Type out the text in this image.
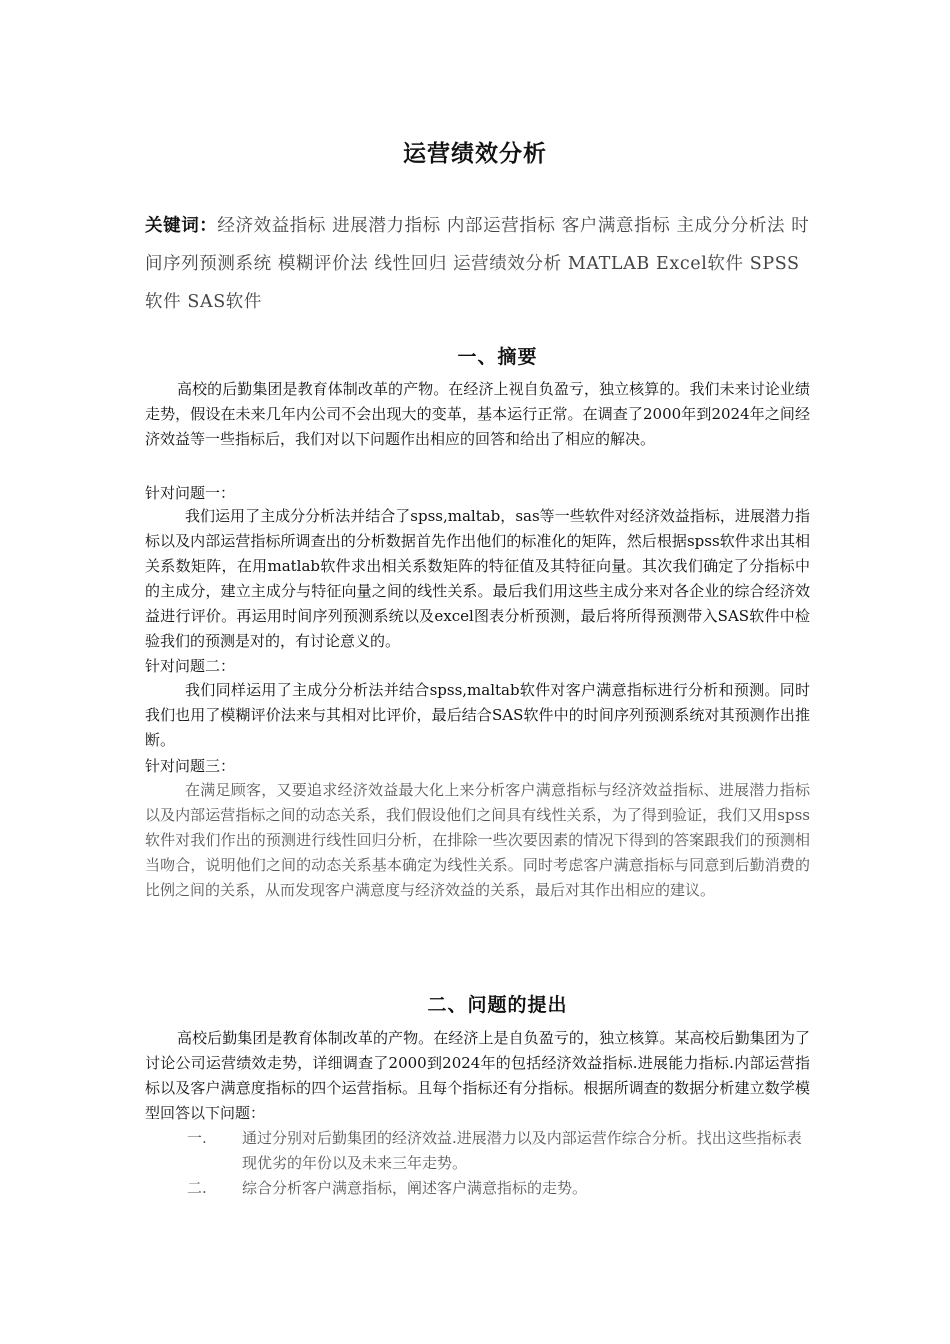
运营绩效分析
关键词：经济效益指标 进展潜力指标 内部运营指标 客户满意指标 主成分分析法 时间序列预测系统 模糊评价法 线性回归 运营绩效分析 MATLAB Excel软件 SPSS软件 SAS软件
一、摘要

高校的后勤集团是教育体制改革的产物。在经济上视自负盈亏，独立核算的。我们未来讨论业绩走势，假设在未来几年内公司不会出现大的变革，基本运行正常。在调查了2000年到2024年之间经济效益等一些指标后，我们对以下问题作出相应的回答和给出了相应的解决。

针对问题一：

我们运用了主成分分析法并结合了spss,maltab，sas等一些软件对经济效益指标，进展潜力指标以及内部运营指标所调查出的分析数据首先作出他们的标准化的矩阵，然后根据spss软件求出其相关系数矩阵，在用matlab软件求出相关系数矩阵的特征值及其特征向量。其次我们确定了分指标中的主成分，建立主成分与特征向量之间的线性关系。最后我们用这些主成分来对各企业的综合经济效益进行评价。再运用时间序列预测系统以及excel图表分析预测，最后将所得预测带入SAS软件中检验我们的预测是对的，有讨论意义的。

针对问题二：

我们同样运用了主成分分析法并结合spss,maltab软件对客户满意指标进行分析和预测。同时我们也用了模糊评价法来与其相对比评价，最后结合SAS软件中的时间序列预测系统对其预测作出推断。

针对问题三：

在满足顾客，又要追求经济效益最大化上来分析客户满意指标与经济效益指标、进展潜力指标以及内部运营指标之间的动态关系，我们假设他们之间具有线性关系，为了得到验证，我们又用spss软件对我们作出的预测进行线性回归分析，在排除一些次要因素的情况下得到的答案跟我们的预测相当吻合，说明他们之间的动态关系基本确定为线性关系。同时考虑客户满意指标与同意到后勤消费的比例之间的关系，从而发现客户满意度与经济效益的关系，最后对其作出相应的建议。

二、问题的提出

高校后勤集团是教育体制改革的产物。在经济上是自负盈亏的，独立核算。某高校后勤集团为了讨论公司运营绩效走势，详细调查了2000到2024年的包括经济效益指标.进展能力指标.内部运营指标以及客户满意度指标的四个运营指标。且每个指标还有分指标。根据所调查的数据分析建立数学模型回答以下问题：

一. 通过分别对后勤集团的经济效益.进展潜力以及内部运营作综合分析。找出这些指标表现优劣的年份以及未来三年走势。

二. 综合分析客户满意指标，阐述客户满意指标的走势。
